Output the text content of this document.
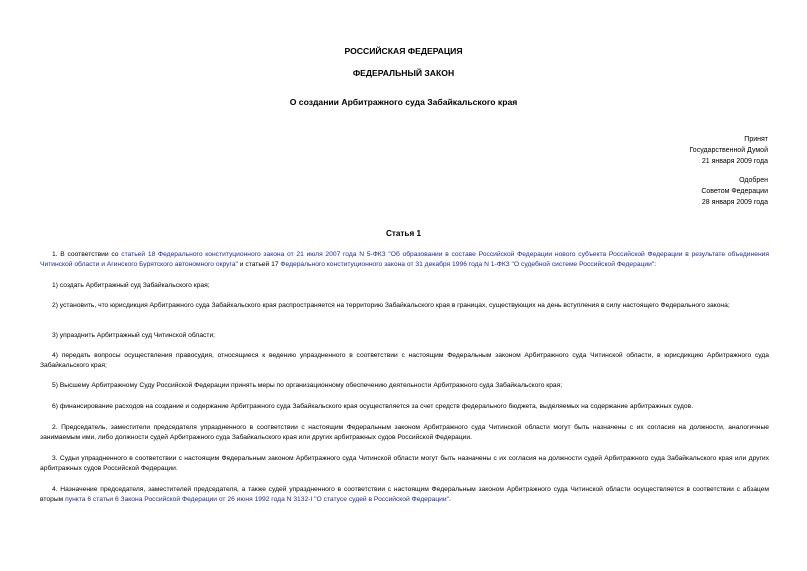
РОССИЙСКАЯ ФЕДЕРАЦИЯ
ФЕДЕРАЛЬНЫЙ ЗАКОН
О создании Арбитражного суда Забайкальского края
Принят
Государственной Думой
21 января 2009 года
Одобрен
Советом Федерации
28 января 2009 года
Статья 1
1. В соответствии со статьей 18 Федерального конституционного закона от 21 июля 2007 года N 5-ФКЗ "Об образовании в составе Российской Федерации нового субъекта Российской Федерации в результате объединения Читинской области и Агинского Бурятского автономного округа" и статьей 17 Федерального конституционного закона от 31 декабря 1996 года N 1-ФКЗ "О судебной системе Российской Федерации":
1) создать Арбитражный суд Забайкальского края;
2) установить, что юрисдикция Арбитражного суда Забайкальского края распространяется на территорию Забайкальского края в границах, существующих на день вступления в силу настоящего Федерального закона;
3) упразднить Арбитражный суд Читинской области;
4) передать вопросы осуществления правосудия, относящиеся к ведению упраздненного в соответствии с настоящим Федеральным законом Арбитражного суда Читинской области, в юрисдикцию Арбитражного суда Забайкальского края;
5) Высшему Арбитражному Суду Российской Федерации принять меры по организационному обеспечению деятельности Арбитражного суда Забайкальского края;
6) финансирование расходов на создание и содержание Арбитражного суда Забайкальского края осуществляется за счет средств федерального бюджета, выделяемых на содержание арбитражных судов.
2. Председатель, заместители председателя упраздненного в соответствии с настоящим Федеральным законом Арбитражного суда Читинской области могут быть назначены с их согласия на должности, аналогичные занимаемым ими, либо должности судей Арбитражного суда Забайкальского края или других арбитражных судов Российской Федерации.
3. Судьи упраздненного в соответствии с настоящим Федеральным законом Арбитражного суда Читинской области могут быть назначены с их согласия на должности судей Арбитражного суда Забайкальского края или других арбитражных судов Российской Федерации.
4. Назначение председателя, заместителей председателя, а также судей упраздненного в соответствии с настоящим Федеральным законом Арбитражного суда Читинской области осуществляется в соответствии с абзацем вторым пункта 6 статьи 6 Закона Российской Федерации от 26 июня 1992 года N 3132-I "О статусе судей в Российской Федерации".
